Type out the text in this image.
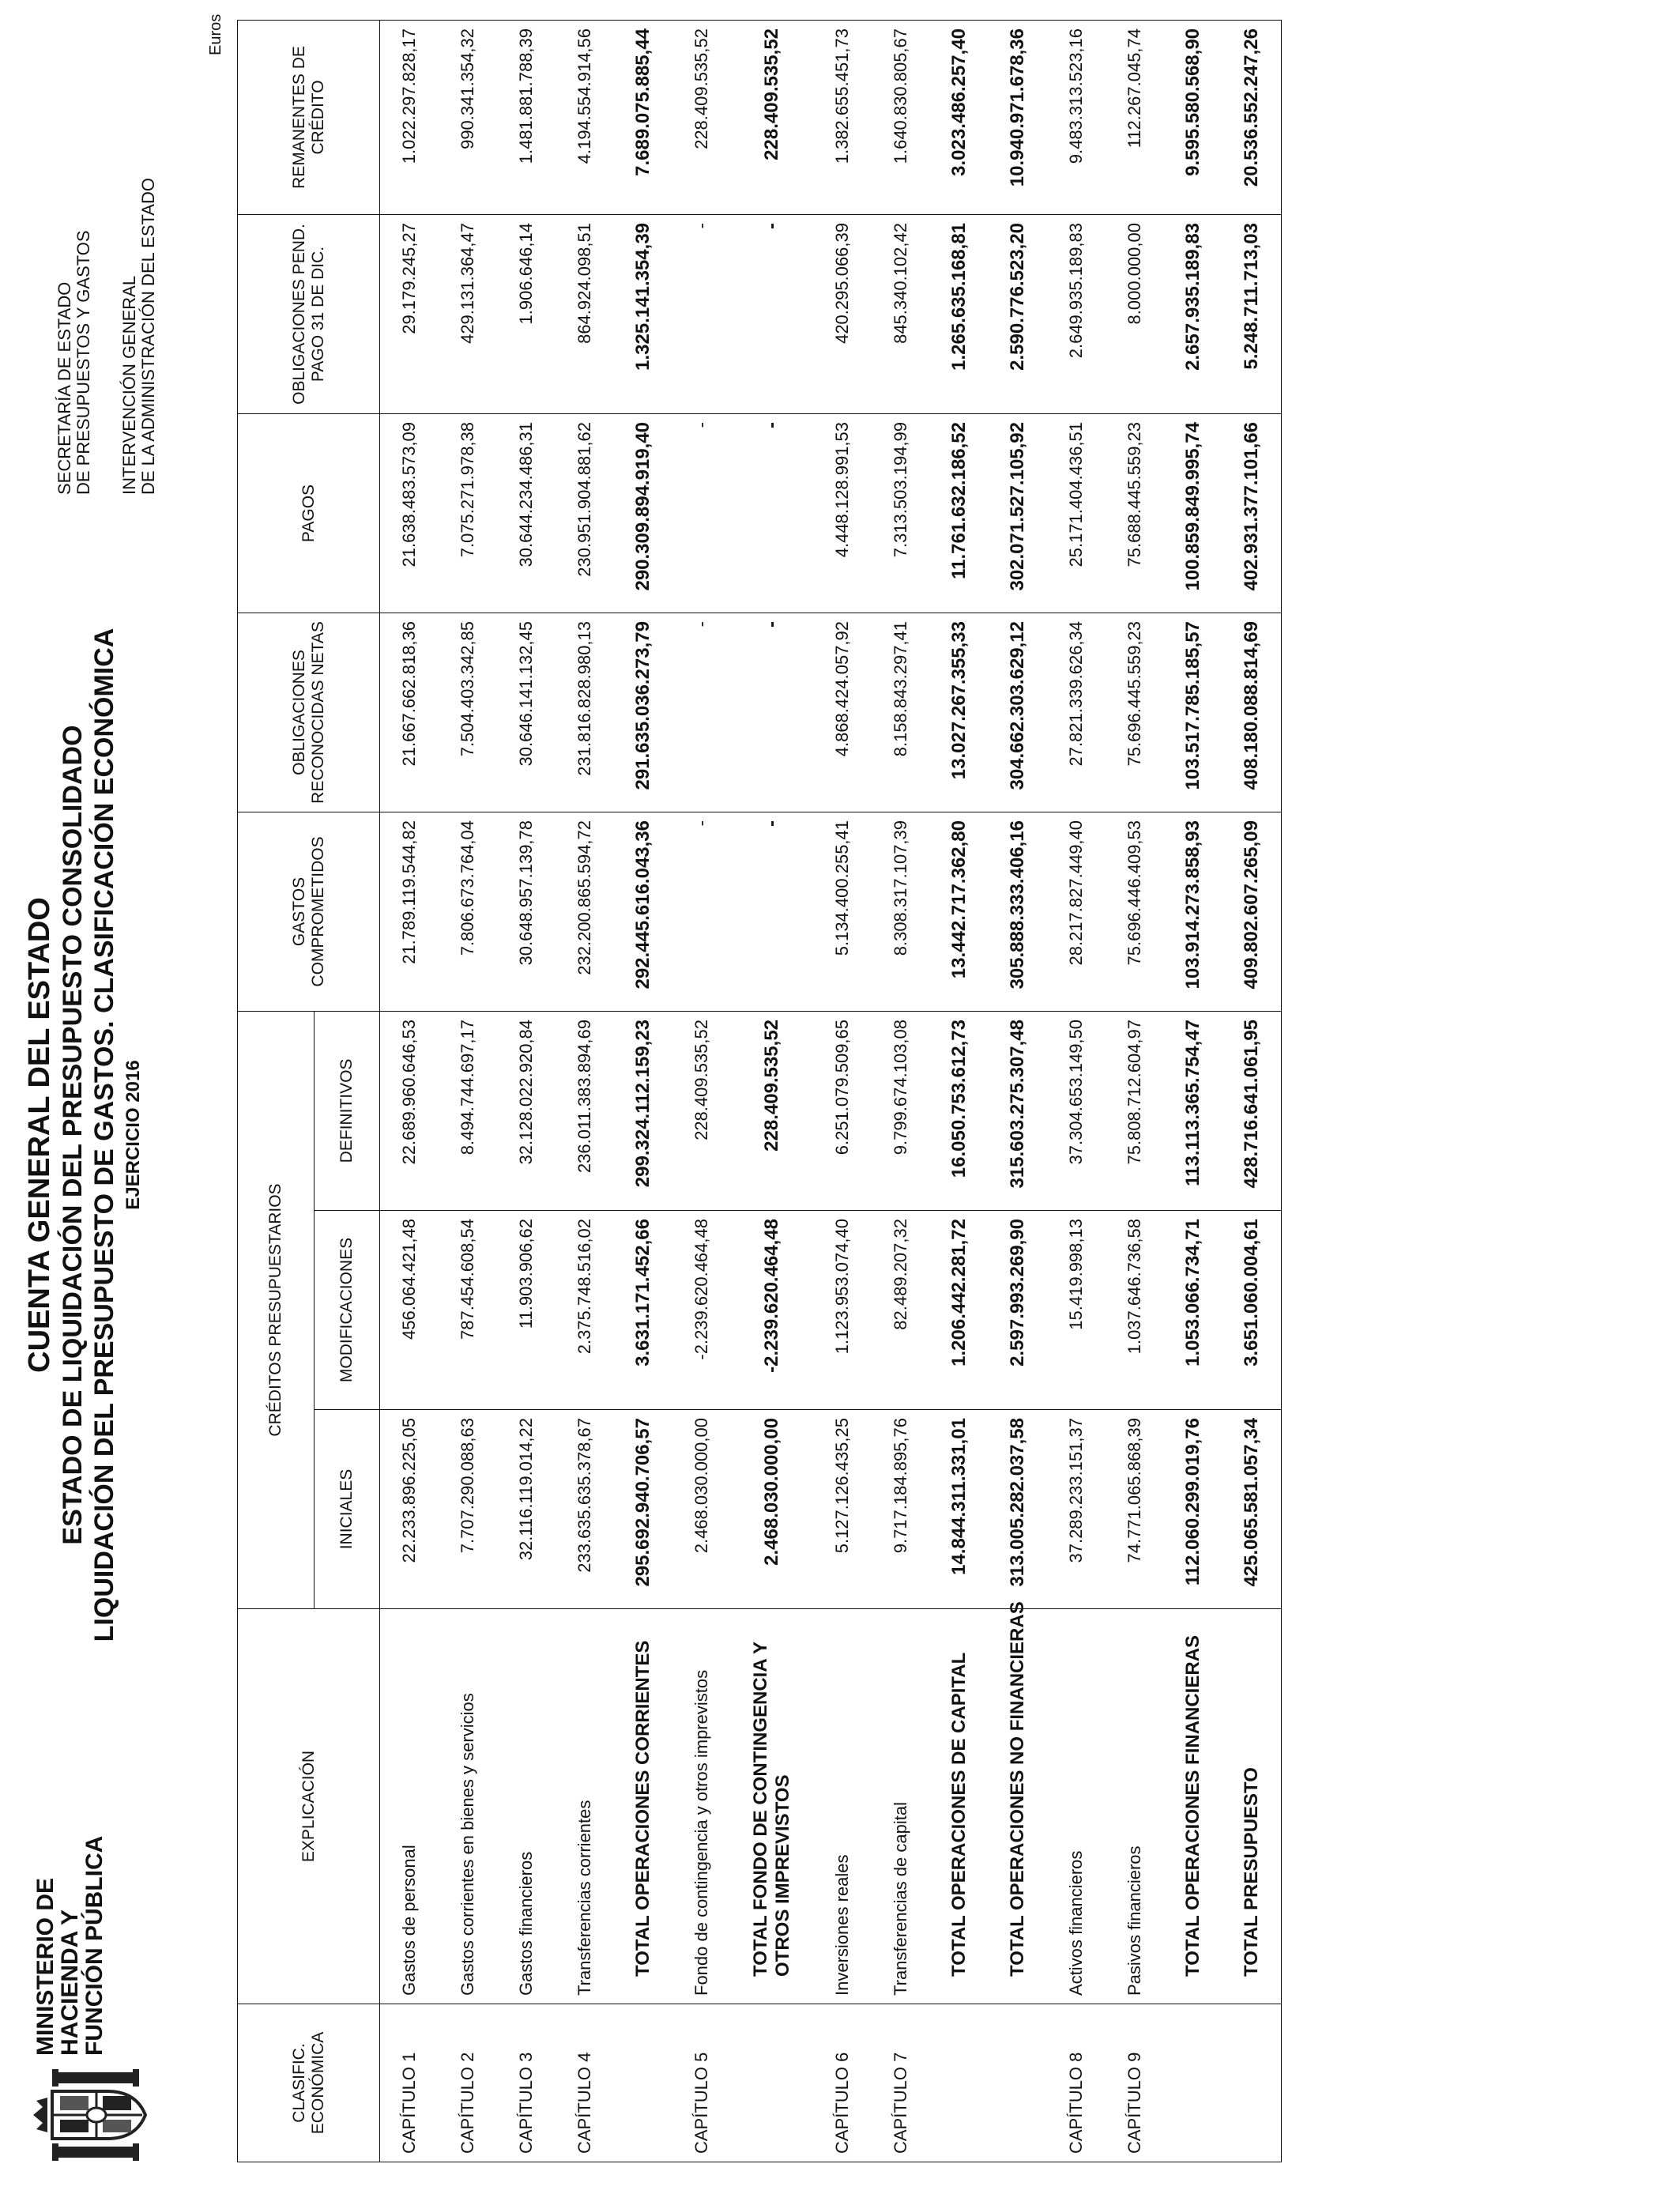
MINISTERIO DE
HACIENDA Y
FUNCIÓN PÚBLICA
CUENTA GENERAL DEL ESTADO ESTADO DE LIQUIDACIÓN DEL PRESUPUESTO CONSOLIDADO LIQUIDACIÓN DEL PRESUPUESTO DE GASTOS. CLASIFICACIÓN ECONÓMICA EJERCICIO 2016
SECRETARÍA DE ESTADO DE PRESUPUESTOS Y GASTOS INTERVENCIÓN GENERAL DE LA ADMINISTRACIÓN DEL ESTADO
Euros
CLASIFIC. ECONÓMICA	EXPLICACIÓN	CRÉDITOS PRESUPUESTARIOS			GASTOS COMPROMETIDOS	OBLIGACIONES RECONOCIDAS NETAS	PAGOS	OBLIGACIONES PEND. PAGO 31 DE DIC.	REMANENTES DE CRÉDITO
		INICIALES	MODIFICACIONES	DEFINITIVOS					
CAPÍTULO 1	Gastos de personal	22.233.896.225,05	456.064.421,48	22.689.960.646,53	21.789.119.544,82	21.667.662.818,36	21.638.483.573,09	29.179.245,27	1.022.297.828,17
CAPÍTULO 2	Gastos corrientes en bienes y servicios	7.707.290.088,63	787.454.608,54	8.494.744.697,17	7.806.673.764,04	7.504.403.342,85	7.075.271.978,38	429.131.364,47	990.341.354,32
CAPÍTULO 3	Gastos financieros	32.116.119.014,22	11.903.906,62	32.128.022.920,84	30.648.957.139,78	30.646.141.132,45	30.644.234.486,31	1.906.646,14	1.481.881.788,39
CAPÍTULO 4	Transferencias corrientes	233.635.635.378,67	2.375.748.516,02	236.011.383.894,69	232.200.865.594,72	231.816.828.980,13	230.951.904.881,62	864.924.098,51	4.194.554.914,56
	TOTAL OPERACIONES CORRIENTES	295.692.940.706,57	3.631.171.452,66	299.324.112.159,23	292.445.616.043,36	291.635.036.273,79	290.309.894.919,40	1.325.141.354,39	7.689.075.885,44
CAPÍTULO 5	Fondo de contingencia y otros imprevistos	2.468.030.000,00	-2.239.620.464,48	228.409.535,52	-	-	-	-	228.409.535,52
	TOTAL FONDO DE CONTINGENCIA Y OTROS IMPREVISTOS	2.468.030.000,00	-2.239.620.464,48	228.409.535,52	-	-	-	-	228.409.535,52
CAPÍTULO 6	Inversiones reales	5.127.126.435,25	1.123.953.074,40	6.251.079.509,65	5.134.400.255,41	4.868.424.057,92	4.448.128.991,53	420.295.066,39	1.382.655.451,73
CAPÍTULO 7	Transferencias de capital	9.717.184.895,76	82.489.207,32	9.799.674.103,08	8.308.317.107,39	8.158.843.297,41	7.313.503.194,99	845.340.102,42	1.640.830.805,67
	TOTAL OPERACIONES DE CAPITAL	14.844.311.331,01	1.206.442.281,72	16.050.753.612,73	13.442.717.362,80	13.027.267.355,33	11.761.632.186,52	1.265.635.168,81	3.023.486.257,40
	TOTAL OPERACIONES NO FINANCIERAS	313.005.282.037,58	2.597.993.269,90	315.603.275.307,48	305.888.333.406,16	304.662.303.629,12	302.071.527.105,92	2.590.776.523,20	10.940.971.678,36
CAPÍTULO 8	Activos financieros	37.289.233.151,37	15.419.998,13	37.304.653.149,50	28.217.827.449,40	27.821.339.626,34	25.171.404.436,51	2.649.935.189,83	9.483.313.523,16
CAPÍTULO 9	Pasivos financieros	74.771.065.868,39	1.037.646.736,58	75.808.712.604,97	75.696.446.409,53	75.696.445.559,23	75.688.445.559,23	8.000.000,00	112.267.045,74
	TOTAL OPERACIONES FINANCIERAS	112.060.299.019,76	1.053.066.734,71	113.113.365.754,47	103.914.273.858,93	103.517.785.185,57	100.859.849.995,74	2.657.935.189,83	9.595.580.568,90
	TOTAL PRESUPUESTO	425.065.581.057,34	3.651.060.004,61	428.716.641.061,95	409.802.607.265,09	408.180.088.814,69	402.931.377.101,66	5.248.711.713,03	20.536.552.247,26
